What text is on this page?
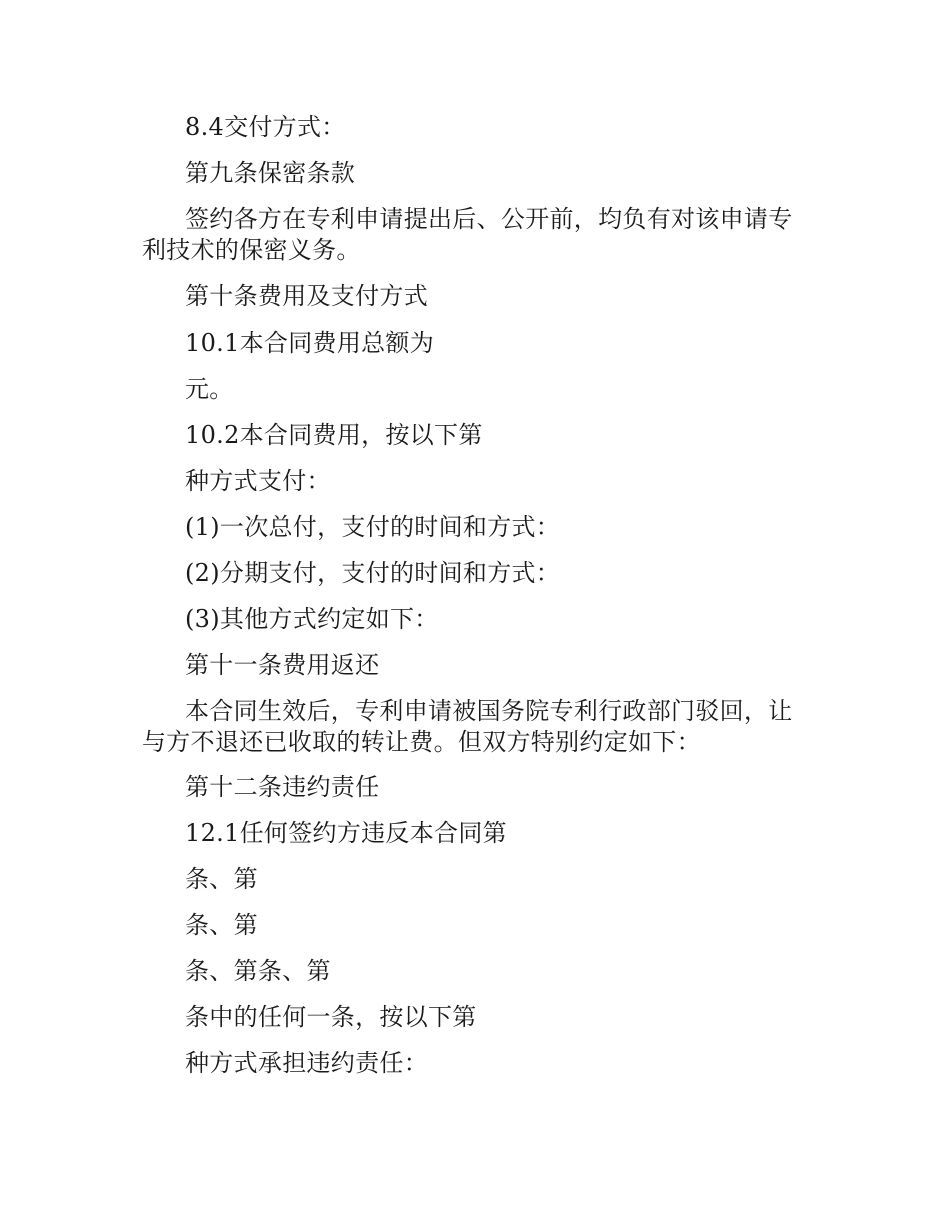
8.4交付方式：

第九条保密条款

签约各方在专利申请提出后、公开前，均负有对该申请专利技术的保密义务。

第十条费用及支付方式

10.1本合同费用总额为

元。

10.2本合同费用，按以下第

种方式支付：

(1)一次总付，支付的时间和方式：

(2)分期支付，支付的时间和方式：

(3)其他方式约定如下：

第十一条费用返还

本合同生效后，专利申请被国务院专利行政部门驳回，让与方不退还已收取的转让费。但双方特别约定如下：

第十二条违约责任

12.1任何签约方违反本合同第

条、第

条、第

条、第条、第

条中的任何一条，按以下第

种方式承担违约责任：
